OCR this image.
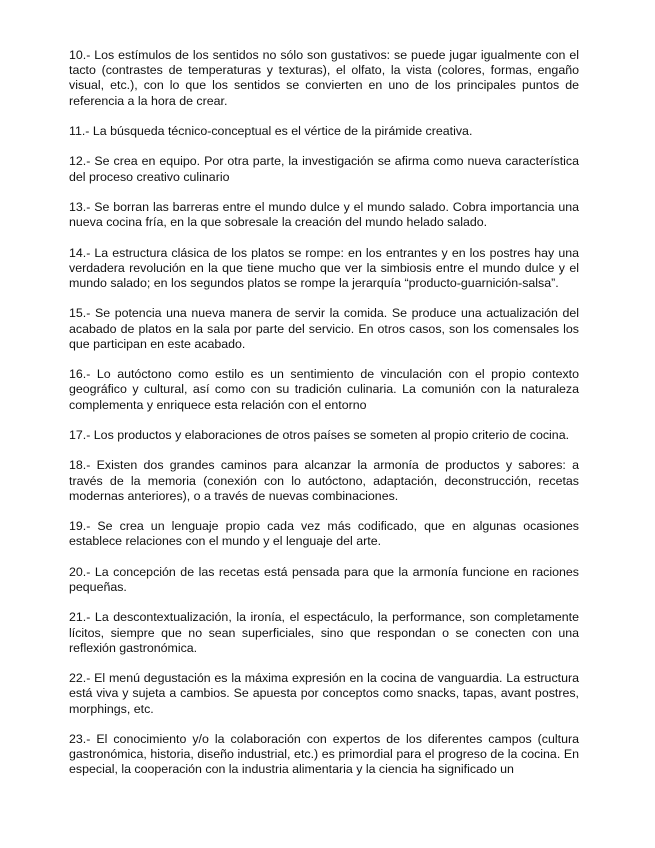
10.- Los estímulos de los sentidos no sólo son gustativos: se puede jugar igualmente con el tacto (contrastes de temperaturas y texturas), el olfato, la vista (colores, formas, engaño visual, etc.), con lo que los sentidos se convierten en uno de los principales puntos de referencia a la hora de crear.

11.- La búsqueda técnico-conceptual es el vértice de la pirámide creativa.

12.- Se crea en equipo. Por otra parte, la investigación se afirma como nueva característica del proceso creativo culinario

13.- Se borran las barreras entre el mundo dulce y el mundo salado. Cobra importancia una nueva cocina fría, en la que sobresale la creación del mundo helado salado.

14.- La estructura clásica de los platos se rompe: en los entrantes y en los postres hay una verdadera revolución en la que tiene mucho que ver la simbiosis entre el mundo dulce y el mundo salado; en los segundos platos se rompe la jerarquía “producto-guarnición-salsa”.

15.- Se potencia una nueva manera de servir la comida. Se produce una actualización del acabado de platos en la sala por parte del servicio. En otros casos, son los comensales los que participan en este acabado.

16.- Lo autóctono como estilo es un sentimiento de vinculación con el propio contexto geográfico y cultural, así como con su tradición culinaria. La comunión con la naturaleza complementa y enriquece esta relación con el entorno

17.- Los productos y elaboraciones de otros países se someten al propio criterio de cocina.

18.- Existen dos grandes caminos para alcanzar la armonía de productos y sabores: a través de la memoria (conexión con lo autóctono, adaptación, deconstrucción, recetas modernas anteriores), o a través de nuevas combinaciones.

19.- Se crea un lenguaje propio cada vez más codificado, que en algunas ocasiones establece relaciones con el mundo y el lenguaje del arte.

20.- La concepción de las recetas está pensada para que la armonía funcione en raciones pequeñas.

21.- La descontextualización, la ironía, el espectáculo, la performance, son completamente lícitos, siempre que no sean superficiales, sino que respondan o se conecten con una reflexión gastronómica.

22.- El menú degustación es la máxima expresión en la cocina de vanguardia. La estructura está viva y sujeta a cambios. Se apuesta por conceptos como snacks, tapas, avant postres, morphings, etc.

23.- El conocimiento y/o la colaboración con expertos de los diferentes campos (cultura gastronómica, historia, diseño industrial, etc.) es primordial para el progreso de la cocina. En especial, la cooperación con la industria alimentaria y la ciencia ha significado un
